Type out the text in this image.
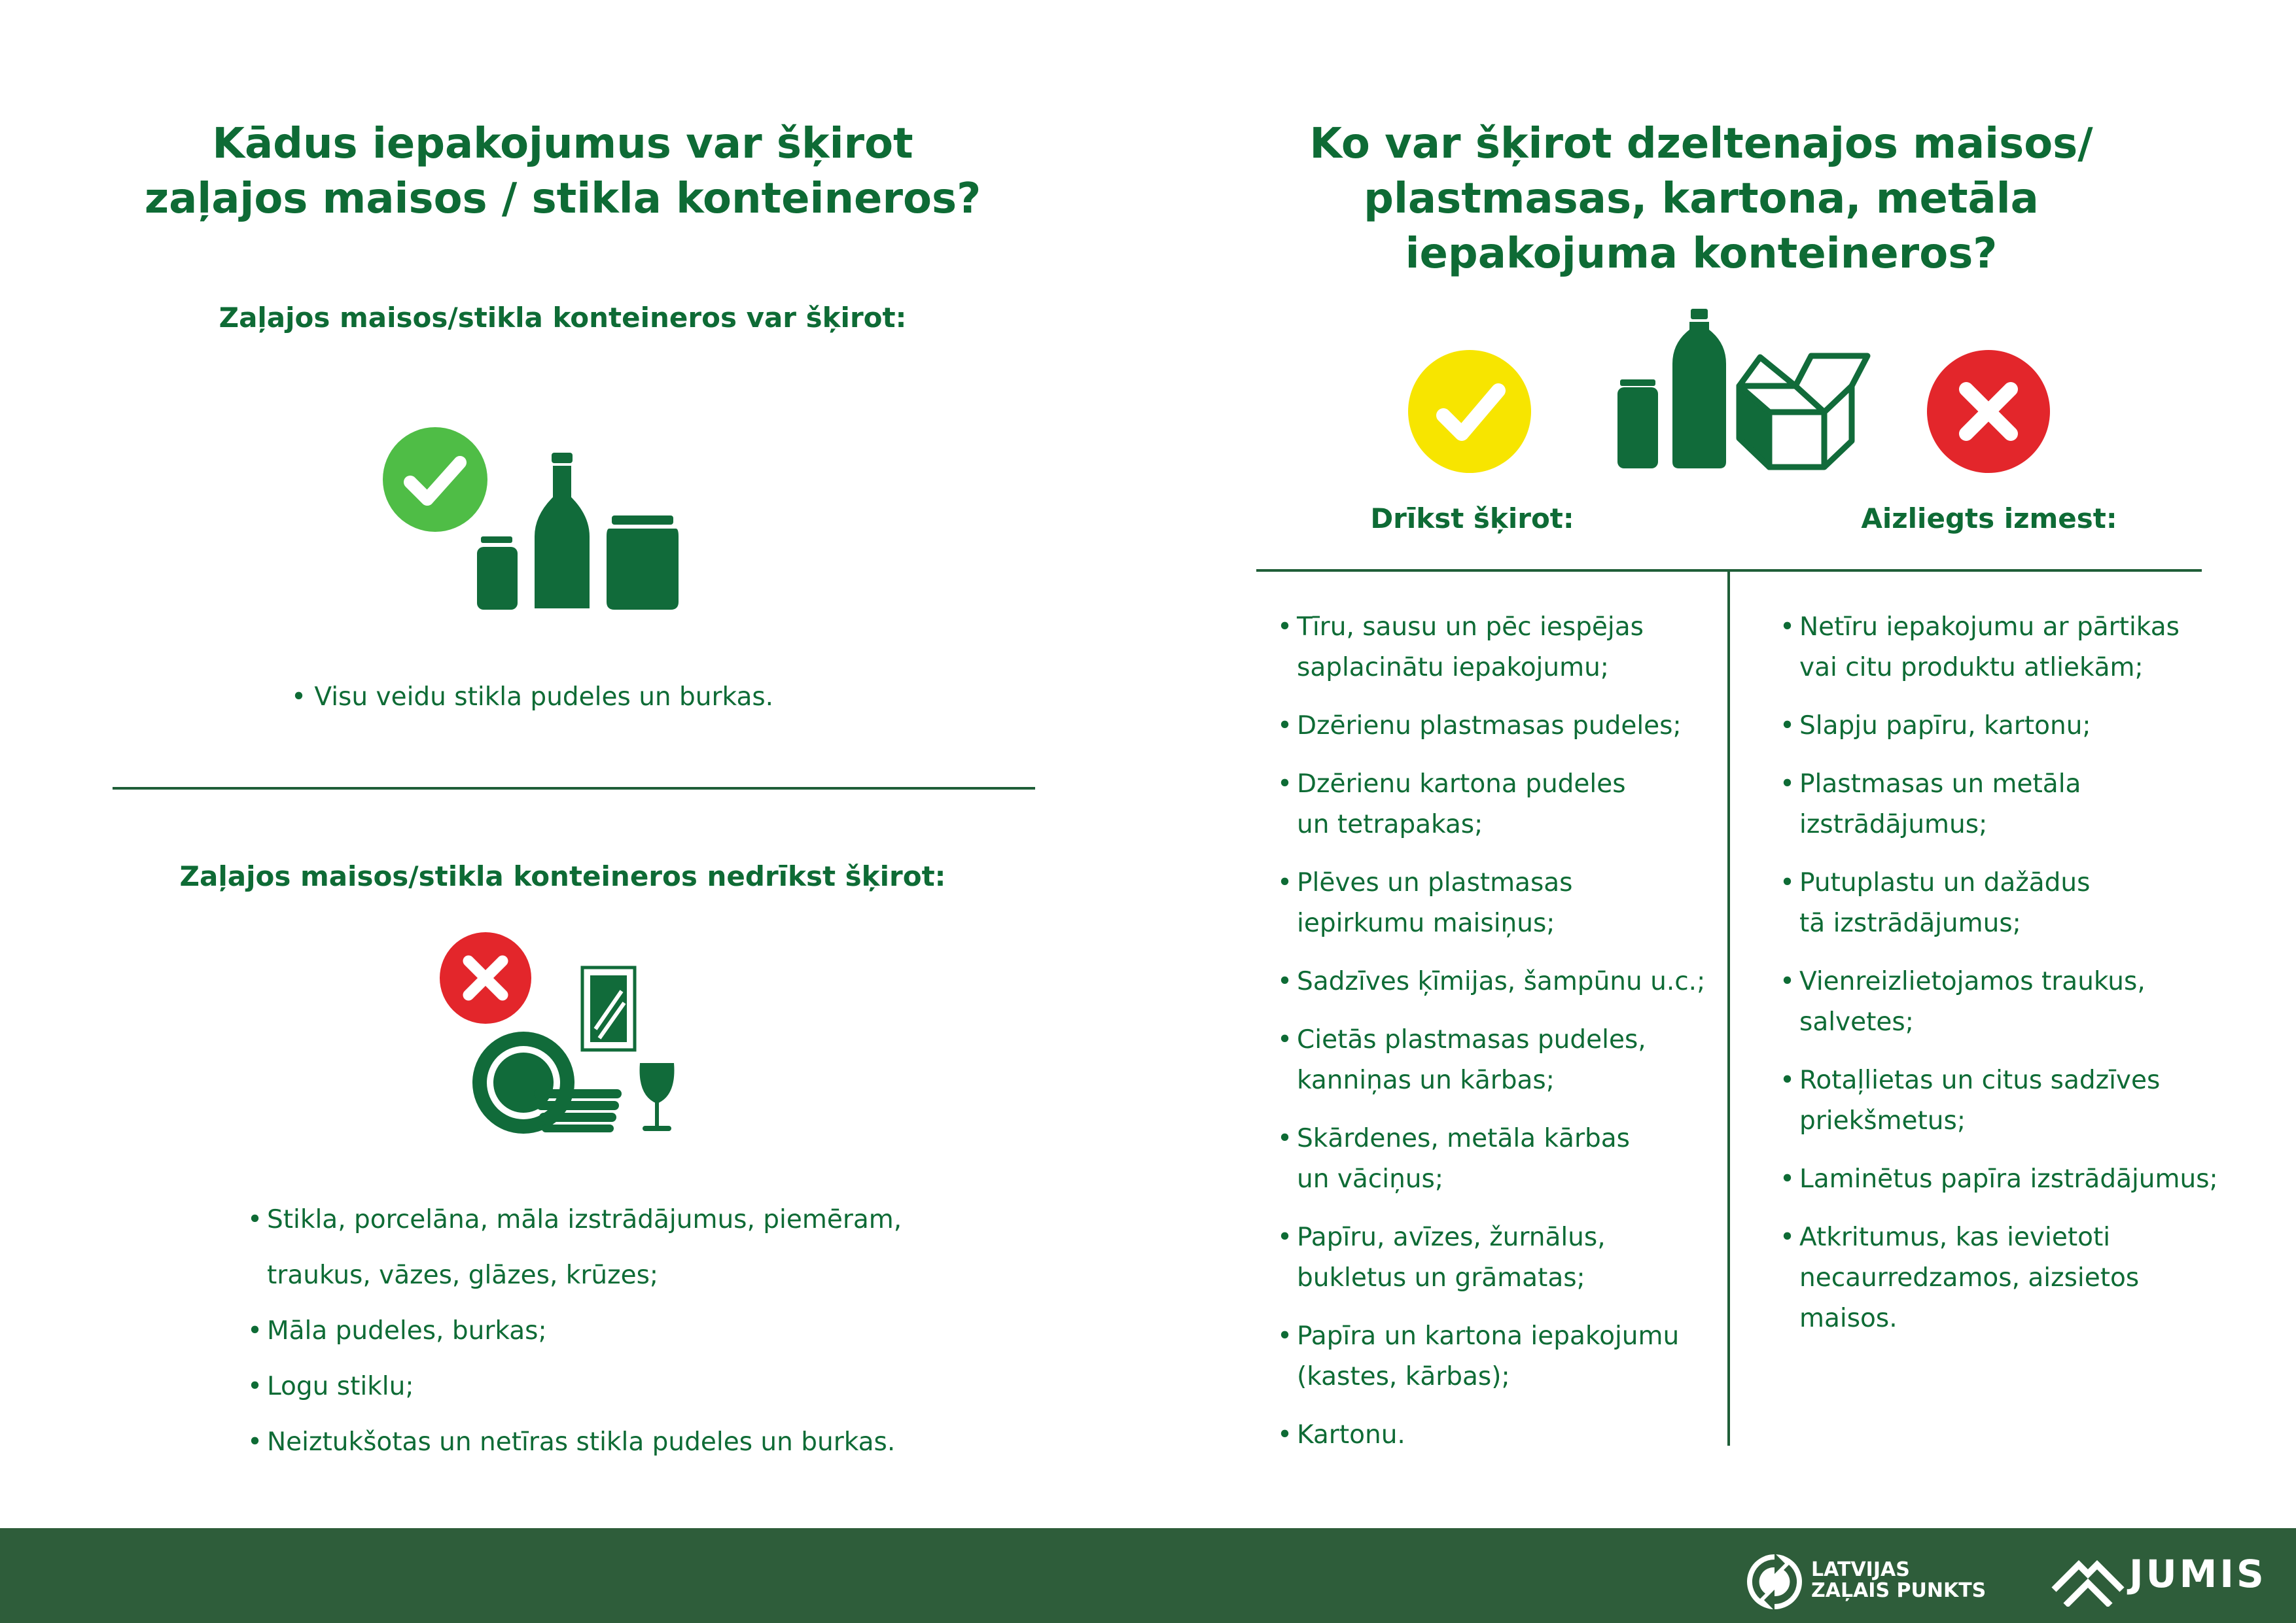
Kādus iepakojumus var šķirot

zaļajos maisos / stikla konteineros?

Zaļajos maisos/stikla konteineros var šķirot:

• Visu veidu stikla pudeles un burkas.

Zaļajos maisos/stikla konteineros nedrīkst šķirot:

• Stikla, porcelāna, māla izstrādājumus, piemēram,
traukus, vāzes, glāzes, krūzes;
• Māla pudeles, burkas;
• Logu stiklu;
• Neiztukšotas un netīras stikla pudeles un burkas.

Ko var šķirot dzeltenajos maisos/

plastmasas, kartona, metāla

iepakojuma konteineros?

Drīkst šķirot:	Aizliegts izmest:

• Tīru, sausu un pēc iespējas
saplacinātu iepakojumu;
• Dzērienu plastmasas pudeles;
• Dzērienu kartona pudeles
un tetrapakas;
• Plēves un plastmasas
iepirkumu maisiņus;
• Sadzīves ķīmijas, šampūnu u.c.;
• Cietās plastmasas pudeles,
kanniņas un kārbas;
• Skārdenes, metāla kārbas
un vāciņus;
• Papīru, avīzes, žurnālus,
bukletus un grāmatas;
• Papīra un kartona iepakojumu
(kastes, kārbas);
• Kartonu.
• Netīru iepakojumu ar pārtikas
vai citu produktu atliekām;
• Slapju papīru, kartonu;
• Plastmasas un metāla
izstrādājumus;
• Putuplastu un dažādus
tā izstrādājumus;
• Vienreizlietojamos traukus,
salvetes;
• Rotaļlietas un citus sadzīves
priekšmetus;
• Laminētus papīra izstrādājumus;
• Atkritumus, kas ievietoti
necaurredzamos, aizsietos
maisos.
LATVIJAS
ZAĻAIS PUNKTS	JUMIS
